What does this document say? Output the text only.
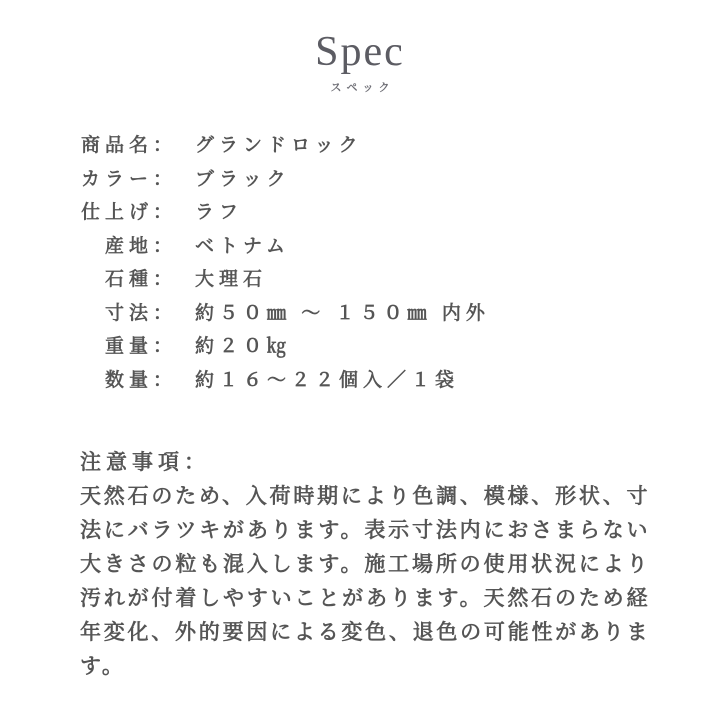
Spec
スペック
商品名： グランドロック
カラー： ブラック
仕上げ： ラフ
産地： ベトナム
石種： 大理石
寸法： 約５０㎜ ～ １５０㎜ 内外
重量： 約２０㎏
数量： 約１６～２２個入／１袋
注意事項：
天然石のため、入荷時期により色調、模様、形状、寸法にバラツキがあります。表示寸法内におさまらない大きさの粒も混入します。施工場所の使用状況により汚れが付着しやすいことがあります。天然石のため経年変化、外的要因による変色、退色の可能性があります。
